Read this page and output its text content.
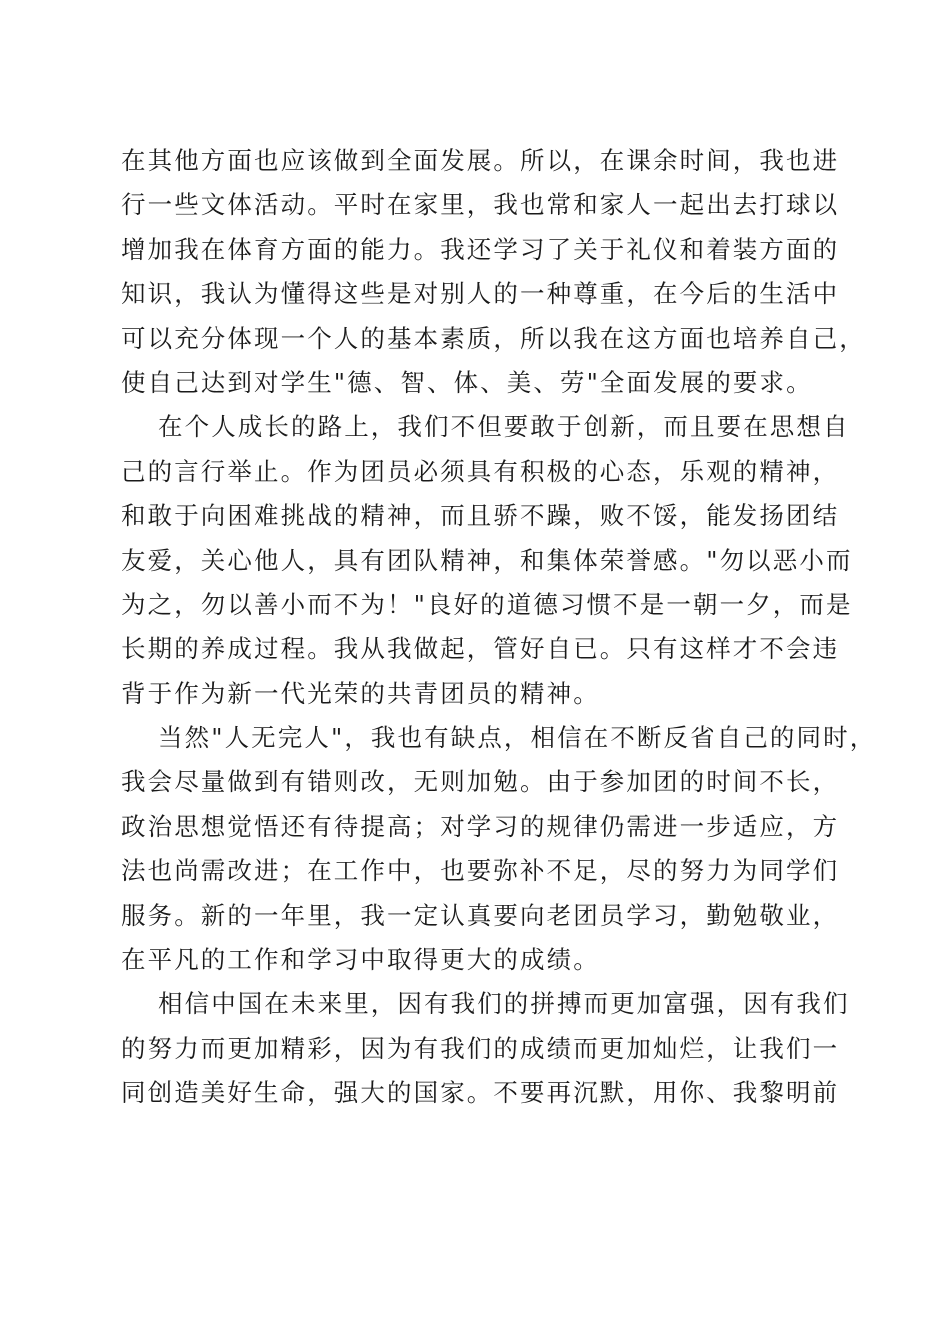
在其他方面也应该做到全面发展。所以，在课余时间，我也进
行一些文体活动。平时在家里，我也常和家人一起出去打球以
增加我在体育方面的能力。我还学习了关于礼仪和着装方面的
知识，我认为懂得这些是对别人的一种尊重，在今后的生活中
可以充分体现一个人的基本素质，所以我在这方面也培养自己，
使自己达到对学生"德、智、体、美、劳"全面发展的要求。
在个人成长的路上，我们不但要敢于创新，而且要在思想自
己的言行举止。作为团员必须具有积极的心态，乐观的精神，
和敢于向困难挑战的精神，而且骄不躁，败不馁，能发扬团结
友爱，关心他人，具有团队精神，和集体荣誉感。"勿以恶小而
为之，勿以善小而不为！"良好的道德习惯不是一朝一夕，而是
长期的养成过程。我从我做起，管好自已。只有这样才不会违
背于作为新一代光荣的共青团员的精神。
当然"人无完人"，我也有缺点，相信在不断反省自己的同时，
我会尽量做到有错则改，无则加勉。由于参加团的时间不长，
政治思想觉悟还有待提高；对学习的规律仍需进一步适应，方
法也尚需改进；在工作中，也要弥补不足，尽的努力为同学们
服务。新的一年里，我一定认真要向老团员学习，勤勉敬业，
在平凡的工作和学习中取得更大的成绩。
相信中国在未来里，因有我们的拼搏而更加富强，因有我们
的努力而更加精彩，因为有我们的成绩而更加灿烂，让我们一
同创造美好生命，强大的国家。不要再沉默，用你、我黎明前
